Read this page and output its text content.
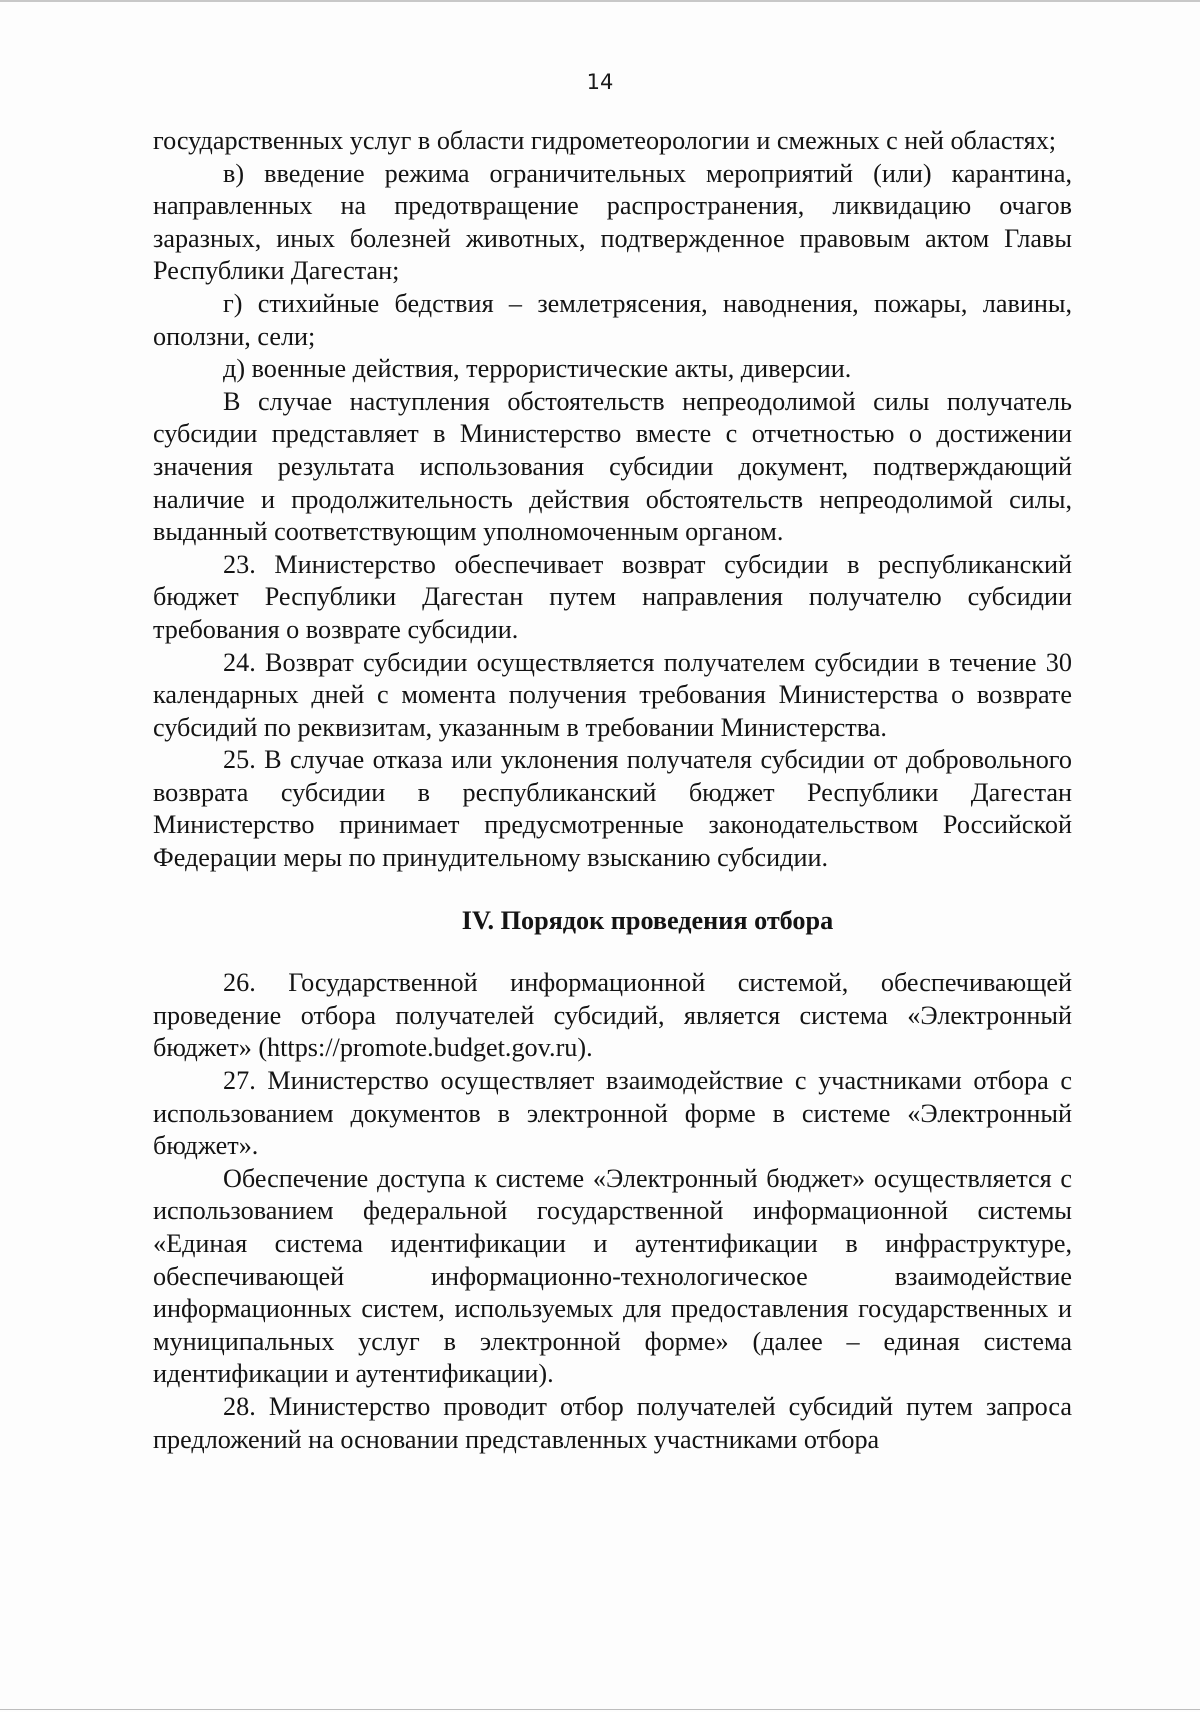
14

государственных услуг в области гидрометеорологии и смежных с ней областях;

в) введение режима ограничительных мероприятий (или) карантина, направленных на предотвращение распространения, ликвидацию очагов заразных, иных болезней животных, подтвержденное правовым актом Главы Республики Дагестан;

г) стихийные бедствия – землетрясения, наводнения, пожары, лавины, оползни, сели;

д) военные действия, террористические акты, диверсии.

В случае наступления обстоятельств непреодолимой силы получатель субсидии представляет в Министерство вместе с отчетностью о достижении значения результата использования субсидии документ, подтверждающий наличие и продолжительность действия обстоятельств непреодолимой силы, выданный соответствующим уполномоченным органом.

23. Министерство обеспечивает возврат субсидии в республиканский бюджет Республики Дагестан путем направления получателю субсидии требования о возврате субсидии.

24. Возврат субсидии осуществляется получателем субсидии в течение 30 календарных дней с момента получения требования Министерства о возврате субсидий по реквизитам, указанным в требовании Министерства.

25. В случае отказа или уклонения получателя субсидии от добровольного возврата субсидии в республиканский бюджет Республики Дагестан Министерство принимает предусмотренные законодательством Российской Федерации меры по принудительному взысканию субсидии.

IV. Порядок проведения отбора

26. Государственной информационной системой, обеспечивающей проведение отбора получателей субсидий, является система «Электронный бюджет» (https://promote.budget.gov.ru).

27. Министерство осуществляет взаимодействие с участниками отбора с использованием документов в электронной форме в системе «Электронный бюджет».

Обеспечение доступа к системе «Электронный бюджет» осуществляется с использованием федеральной государственной информационной системы «Единая система идентификации и аутентификации в инфраструктуре, обеспечивающей информационно-технологическое взаимодействие информационных систем, используемых для предоставления государственных и муниципальных услуг в электронной форме» (далее – единая система идентификации и аутентификации).

28. Министерство проводит отбор получателей субсидий путем запроса предложений на основании представленных участниками отбора
